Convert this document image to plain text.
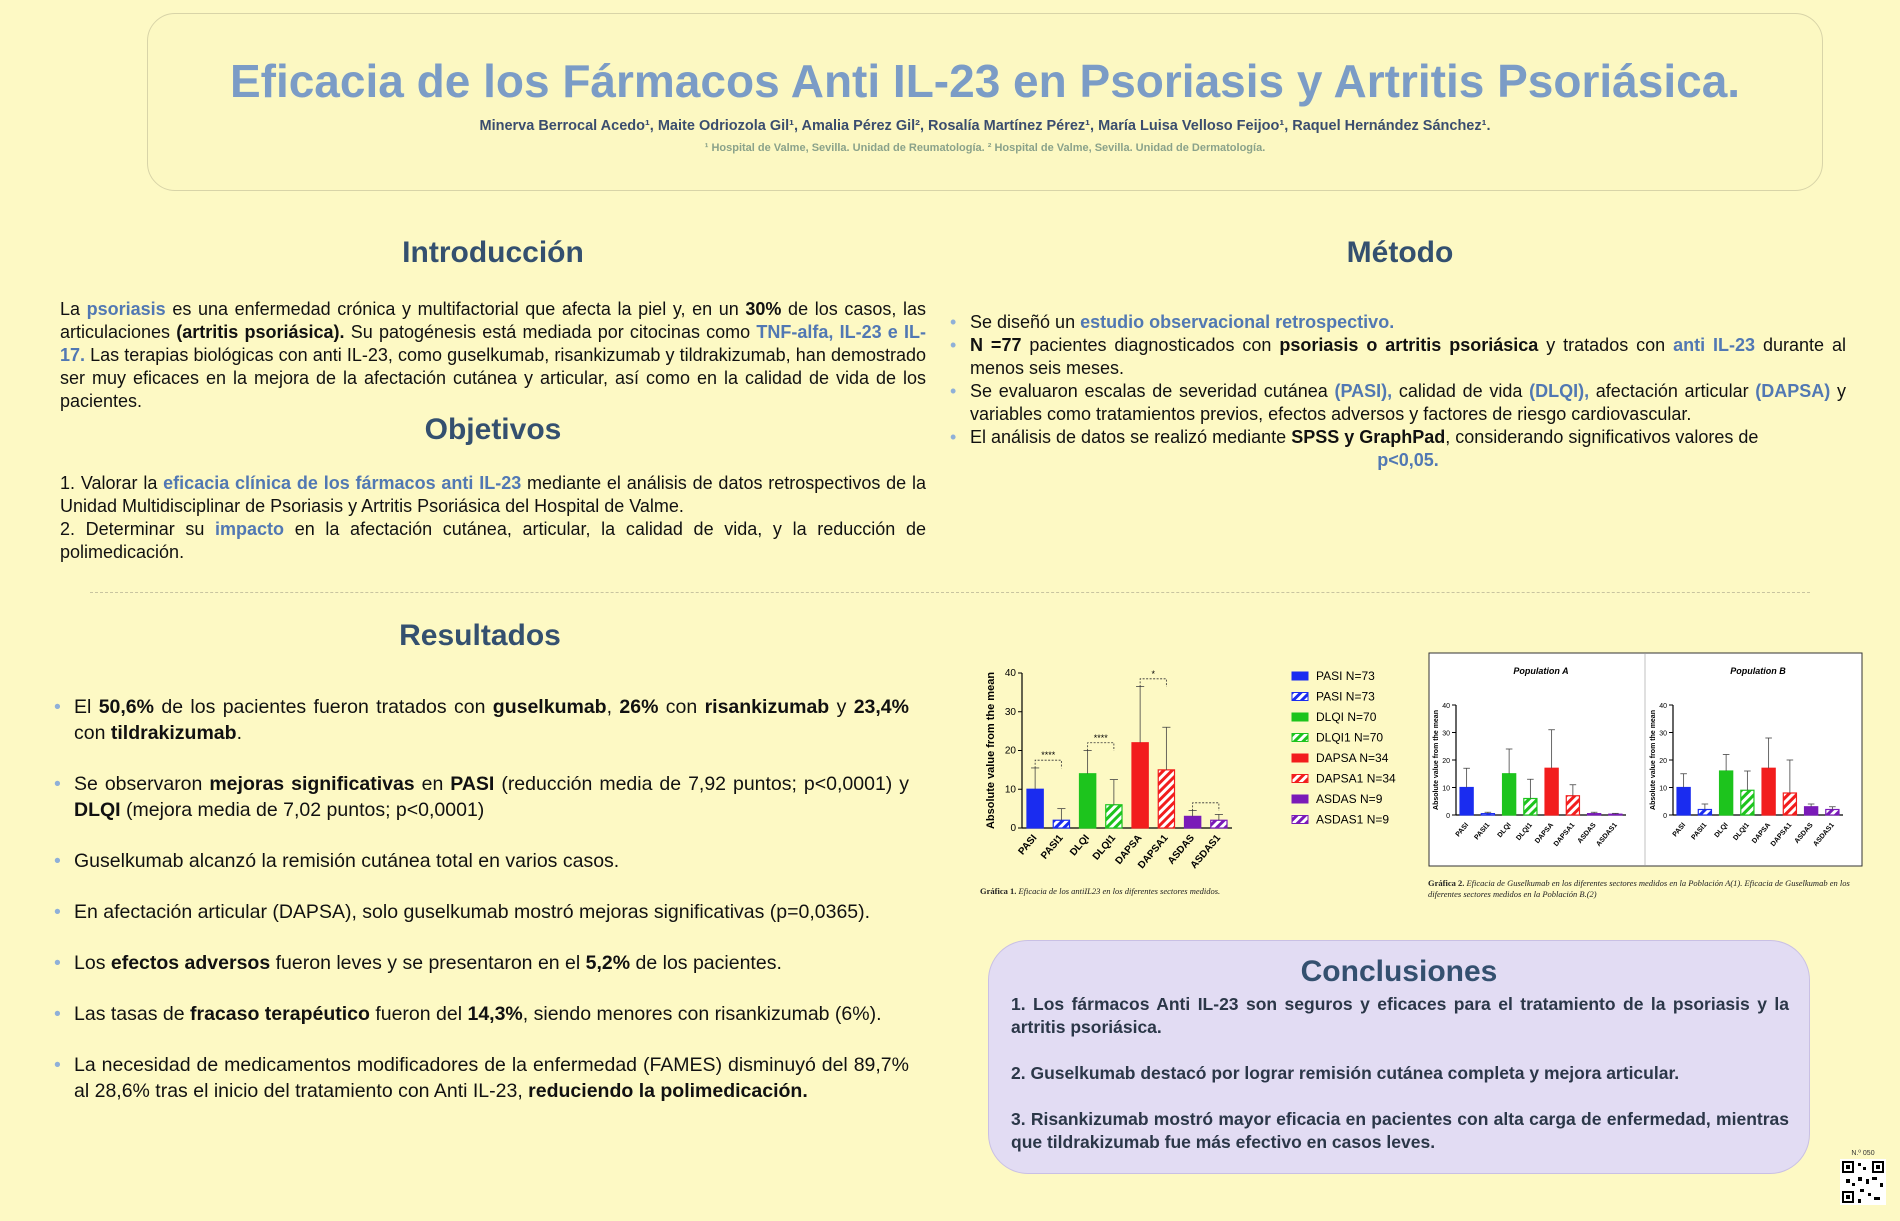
Eficacia de los Fármacos Anti IL-23 en Psoriasis y Artritis Psoriásica.
Minerva Berrocal Acedo¹, Maite Odriozola Gil¹, Amalia Pérez Gil², Rosalía Martínez Pérez¹, María Luisa Velloso Feijoo¹, Raquel Hernández Sánchez¹.
¹ Hospital de Valme, Sevilla. Unidad de Reumatología. ² Hospital de Valme, Sevilla. Unidad de Dermatología.
Introducción
La psoriasis es una enfermedad crónica y multifactorial que afecta la piel y, en un 30% de los casos, las articulaciones (artritis psoriásica). Su patogénesis está mediada por citocinas como TNF-alfa, IL-23 e IL-17. Las terapias biológicas con anti IL-23, como guselkumab, risankizumab y tildrakizumab, han demostrado ser muy eficaces en la mejora de la afectación cutánea y articular, así como en la calidad de vida de los pacientes.
Objetivos
1. Valorar la eficacia clínica de los fármacos anti IL-23 mediante el análisis de datos retrospectivos de la Unidad Multidisciplinar de Psoriasis y Artritis Psoriásica del Hospital de Valme.
2. Determinar su impacto en la afectación cutánea, articular, la calidad de vida, y la reducción de polimedicación.
Método
• Se diseñó un estudio observacional retrospectivo.
• N =77 pacientes diagnosticados con psoriasis o artritis psoriásica y tratados con anti IL-23 durante al menos seis meses.
• Se evaluaron escalas de severidad cutánea (PASI), calidad de vida (DLQI), afectación articular (DAPSA) y variables como tratamientos previos, efectos adversos y factores de riesgo cardiovascular.
• El análisis de datos se realizó mediante SPSS y GraphPad, considerando significativos valores de

p<0,05.
Resultados
• El 50,6% de los pacientes fueron tratados con guselkumab, 26% con risankizumab y 23,4% con tildrakizumab.
• Se observaron mejoras significativas en PASI (reducción media de 7,92 puntos; p<0,0001) y DLQI (mejora media de 7,02 puntos; p<0,0001)
• Guselkumab alcanzó la remisión cutánea total en varios casos.
• En afectación articular (DAPSA), solo guselkumab mostró mejoras significativas (p=0,0365).
• Los efectos adversos fueron leves y se presentaron en el 5,2% de los pacientes.
• Las tasas de fracaso terapéutico fueron del 14,3%, siendo menores con risankizumab (6%).
• La necesidad de medicamentos modificadores de la enfermedad (FAMES) disminuyó del 89,7% al 28,6% tras el inicio del tratamiento con Anti IL-23, reduciendo la polimedicación.
0
10
20
30
40
PASI PASI1 DLQI
DLQI1
DAPSA
DAPSA1
ASDAS
ASDAS1
Absolute value from the mean	****
****
*	PASI N=73
PASI N=73
DLQI N=70
DLQI1 N=70
DAPSA N=34
DAPSA1 N=34
ASDAS N=9
ASDAS1 N=9
Gráfica 1. Eficacia de los antiIL23 en los diferentes sectores medidos.
0
10
20
30
40
PASI PASI1 DLQI DLQI1 DAPSA
DAPSA1 ASDAS
ASDAS1
Population A
Absolute value from the mean
0
10
20
30
40
PASI PASI1 DLQI DLQI1 DAPSA
DAPSA1 ASDAS
ASDAS1
Population B
Absolute value from the mean
Gráfica 2. Eficacia de Guselkumab en los diferentes sectores medidos en la Población A(1). Eficacia de Guselkumab en los diferentes sectores medidos en la Población B.(2)
Conclusiones

1. Los fármacos Anti IL-23 son seguros y eficaces para el tratamiento de la psoriasis y la artritis psoriásica.

2. Guselkumab destacó por lograr remisión cutánea completa y mejora articular.

3. Risankizumab mostró mayor eficacia en pacientes con alta carga de enfermedad, mientras que tildrakizumab fue más efectivo en casos leves.

N.º 050
